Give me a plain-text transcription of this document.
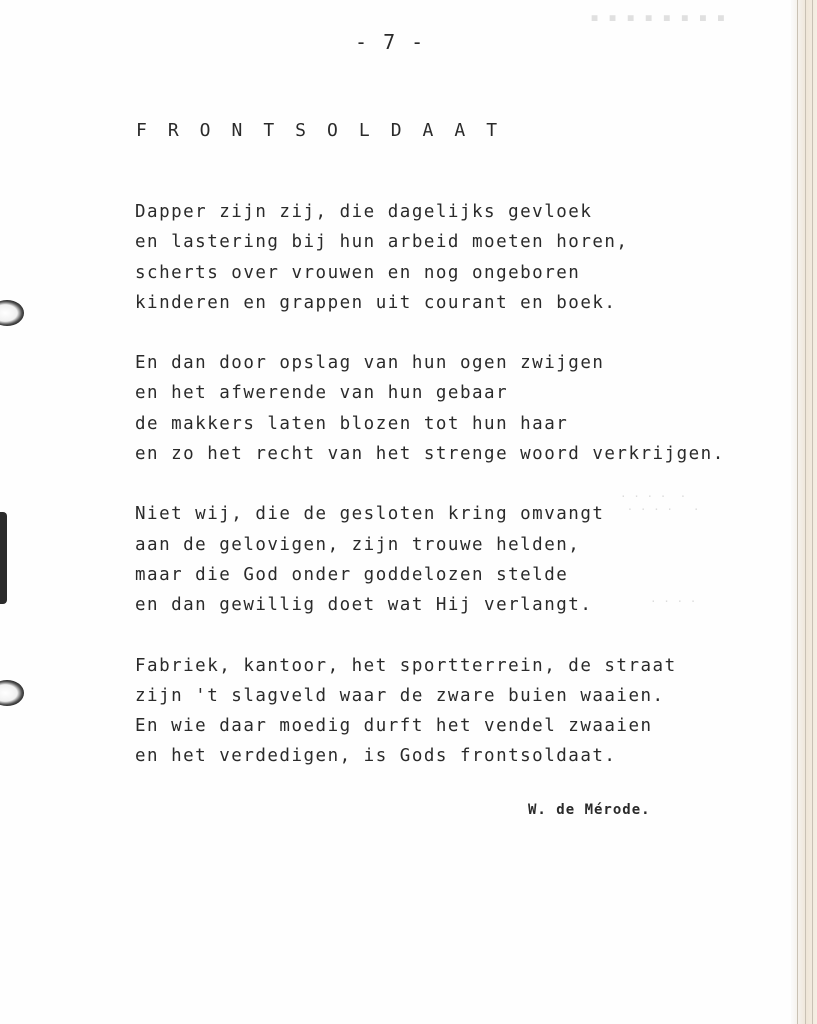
- 7 -
FRONTSOLDAAT
Dapper zijn zij, die dagelijks gevloek
en lastering bij hun arbeid moeten horen,
scherts over vrouwen en nog ongeboren
kinderen en grappen uit courant en boek.
En dan door opslag van hun ogen zwijgen
en het afwerende van hun gebaar
de makkers laten blozen tot hun haar
en zo het recht van het strenge woord verkrijgen.
Niet wij, die de gesloten kring omvangt
aan de gelovigen, zijn trouwe helden,
maar die God onder goddelozen stelde
en dan gewillig doet wat Hij verlangt.
Fabriek, kantoor, het sportterrein, de straat
zijn 't slagveld waar de zware buien waaien.
En wie daar moedig durft het vendel zwaaien
en het verdedigen, is Gods frontsoldaat.
W. de Mérode.
▪ ▪ ▪ ▪ ▪ ▪ ▪ ▪
· · · ·  ·
· · · ·   ·
· · · ·
